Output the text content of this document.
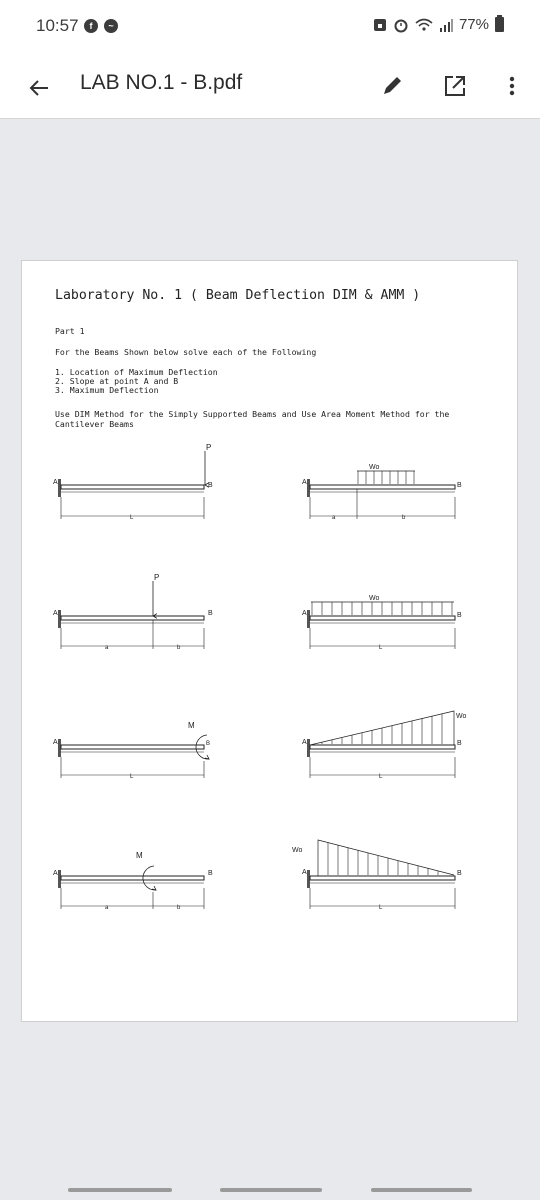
10:57	f	~	77%
LAB NO.1 - B.pdf
Laboratory No. 1 ( Beam Deflection DIM & AMM )
Part 1
For the Beams Shown below solve each of the Following
1. Location of Maximum Deflection
2. Slope at point A and B
3. Maximum Deflection
Use DIM Method for the Simply Supported Beams and Use Area Moment Method for the
Cantilever Beams
P
A	B
L
Wo
A	B
a	b
P
A	B
a	b
Wo
A	B
L
M
A	B
L
Wo
A	B
L
M
A	B
a	b
Wo
A	B
L
